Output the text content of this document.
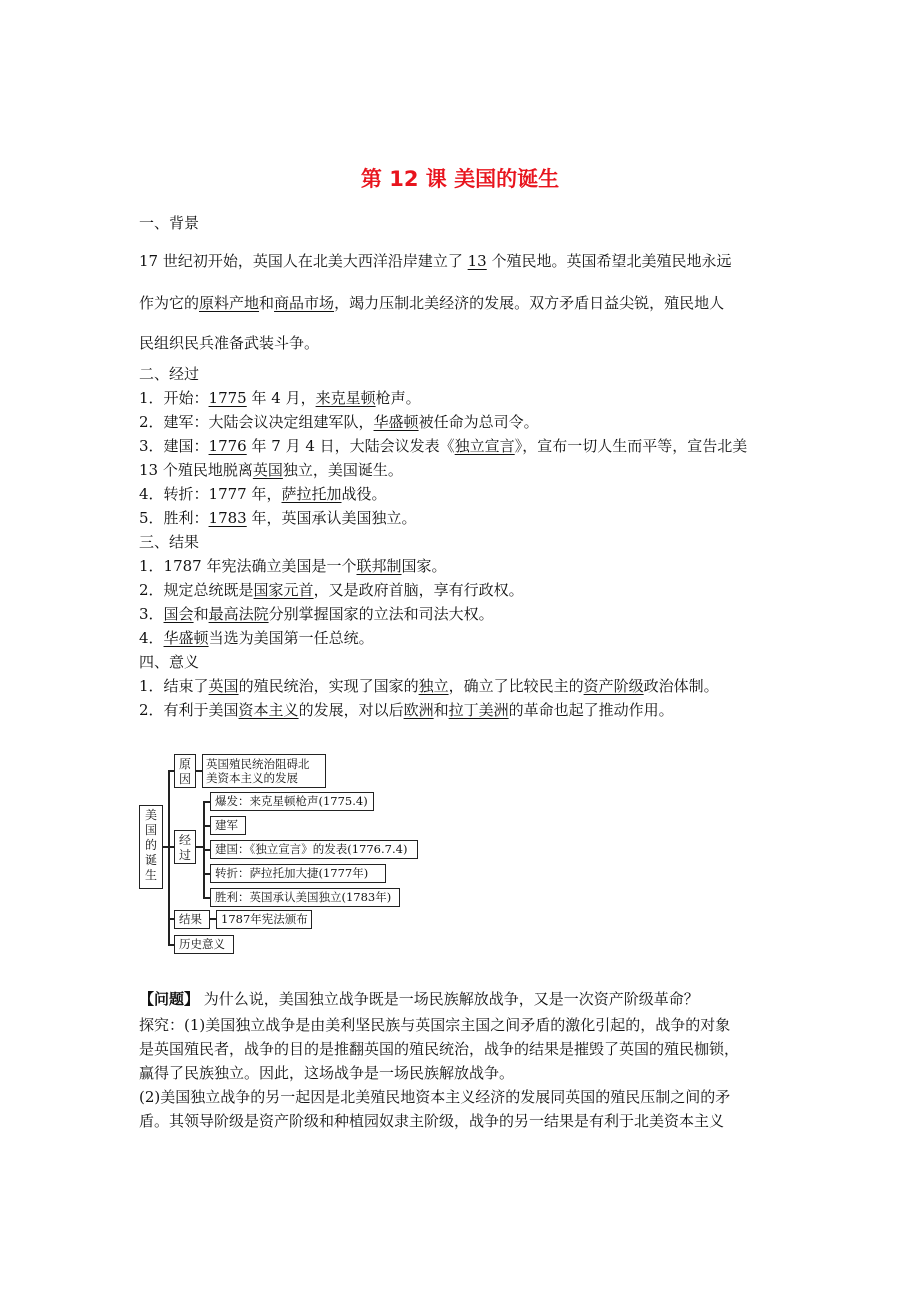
第 12 课 美国的诞生
一、背景
17 世纪初开始，英国人在北美大西洋沿岸建立了 13 个殖民地。英国希望北美殖民地永远
作为它的原料产地和商品市场，竭力压制北美经济的发展。双方矛盾日益尖锐，殖民地人
民组织民兵准备武装斗争。
二、经过
1．开始：1775 年 4 月，来克星顿枪声。
2．建军：大陆会议决定组建军队，华盛顿被任命为总司令。
3．建国：1776 年 7 月 4 日，大陆会议发表《独立宣言》，宣布一切人生而平等，宣告北美
13 个殖民地脱离英国独立，美国诞生。
4．转折：1777 年，萨拉托加战役。
5．胜利：1783 年，英国承认美国独立。
三、结果
1．1787 年宪法确立美国是一个联邦制国家。
2．规定总统既是国家元首，又是政府首脑，享有行政权。
3．国会和最高法院分别掌握国家的立法和司法大权。
4．华盛顿当选为美国第一任总统。
四、意义
1．结束了英国的殖民统治，实现了国家的独立，确立了比较民主的资产阶级政治体制。
2．有利于美国资本主义的发展，对以后欧洲和拉丁美洲的革命也起了推动作用。
美
国
的
诞
生
原
因
英国殖民统治阻碍北
美资本主义的发展
经
过
爆发：来克星顿枪声(1775.4)
建军
建国：《独立宣言》的发表(1776.7.4)
转折：萨拉托加大捷(1777年)
胜利：英国承认美国独立(1783年)
结果	1787年宪法颁布
历史意义
【问题】 为什么说，美国独立战争既是一场民族解放战争，又是一次资产阶级革命？
探究：(1)美国独立战争是由美利坚民族与英国宗主国之间矛盾的激化引起的，战争的对象
是英国殖民者，战争的目的是推翻英国的殖民统治，战争的结果是摧毁了英国的殖民枷锁，
赢得了民族独立。因此，这场战争是一场民族解放战争。
(2)美国独立战争的另一起因是北美殖民地资本主义经济的发展同英国的殖民压制之间的矛
盾。其领导阶级是资产阶级和种植园奴隶主阶级，战争的另一结果是有利于北美资本主义
